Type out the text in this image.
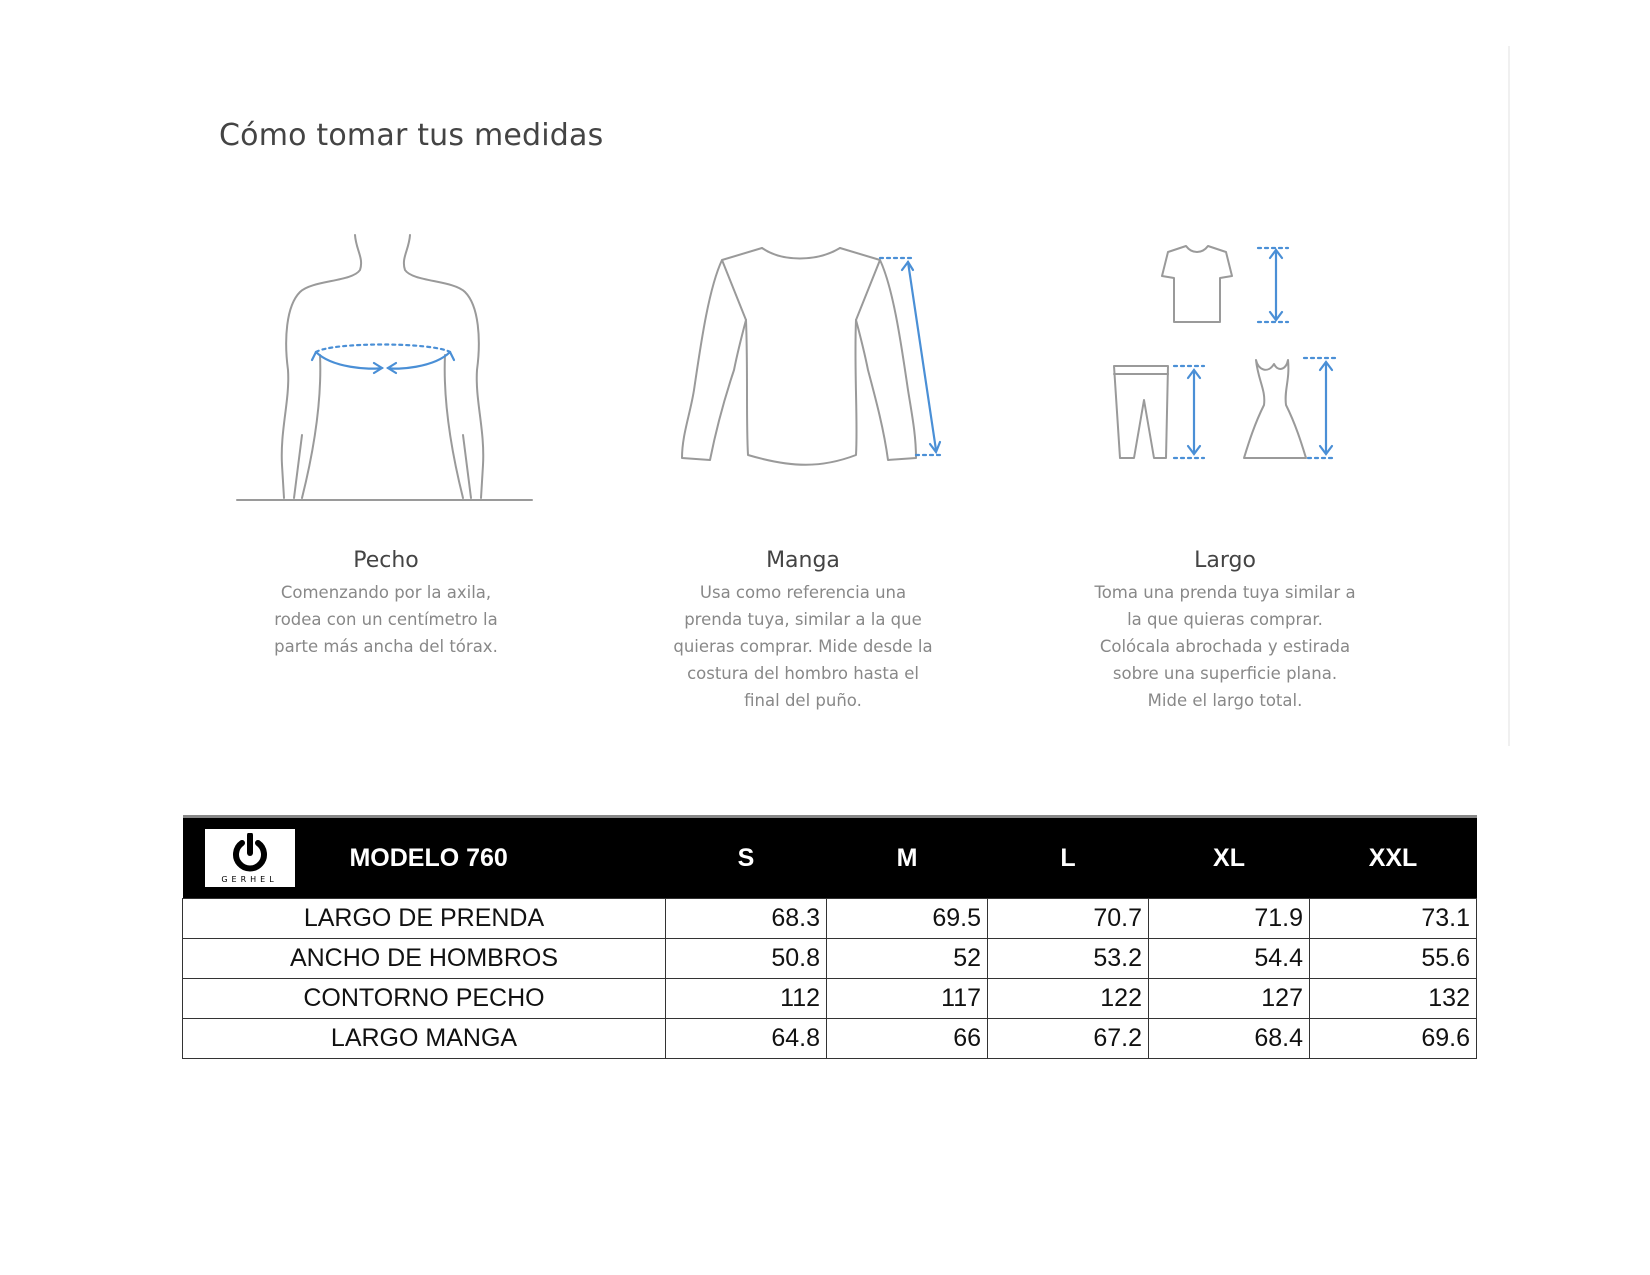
Cómo tomar tus medidas
Pecho

Comenzando por la axila,
rodea con un centímetro la
parte más ancha del tórax.

Manga

Usa como referencia una
prenda tuya, similar a la que
quieras comprar. Mide desde la
costura del hombro hasta el
final del puño.

Largo

Toma una prenda tuya similar a
la que quieras comprar.
Colócala abrochada y estirada
sobre una superficie plana.
Mide el largo total.

GERHEL
MODELO 760	S	M	L	XL	XXL
LARGO DE PRENDA	68.3	69.5	70.7	71.9	73.1
ANCHO DE HOMBROS	50.8	52	53.2	54.4	55.6
CONTORNO PECHO	112	117	122	127	132
LARGO MANGA	64.8	66	67.2	68.4	69.6
